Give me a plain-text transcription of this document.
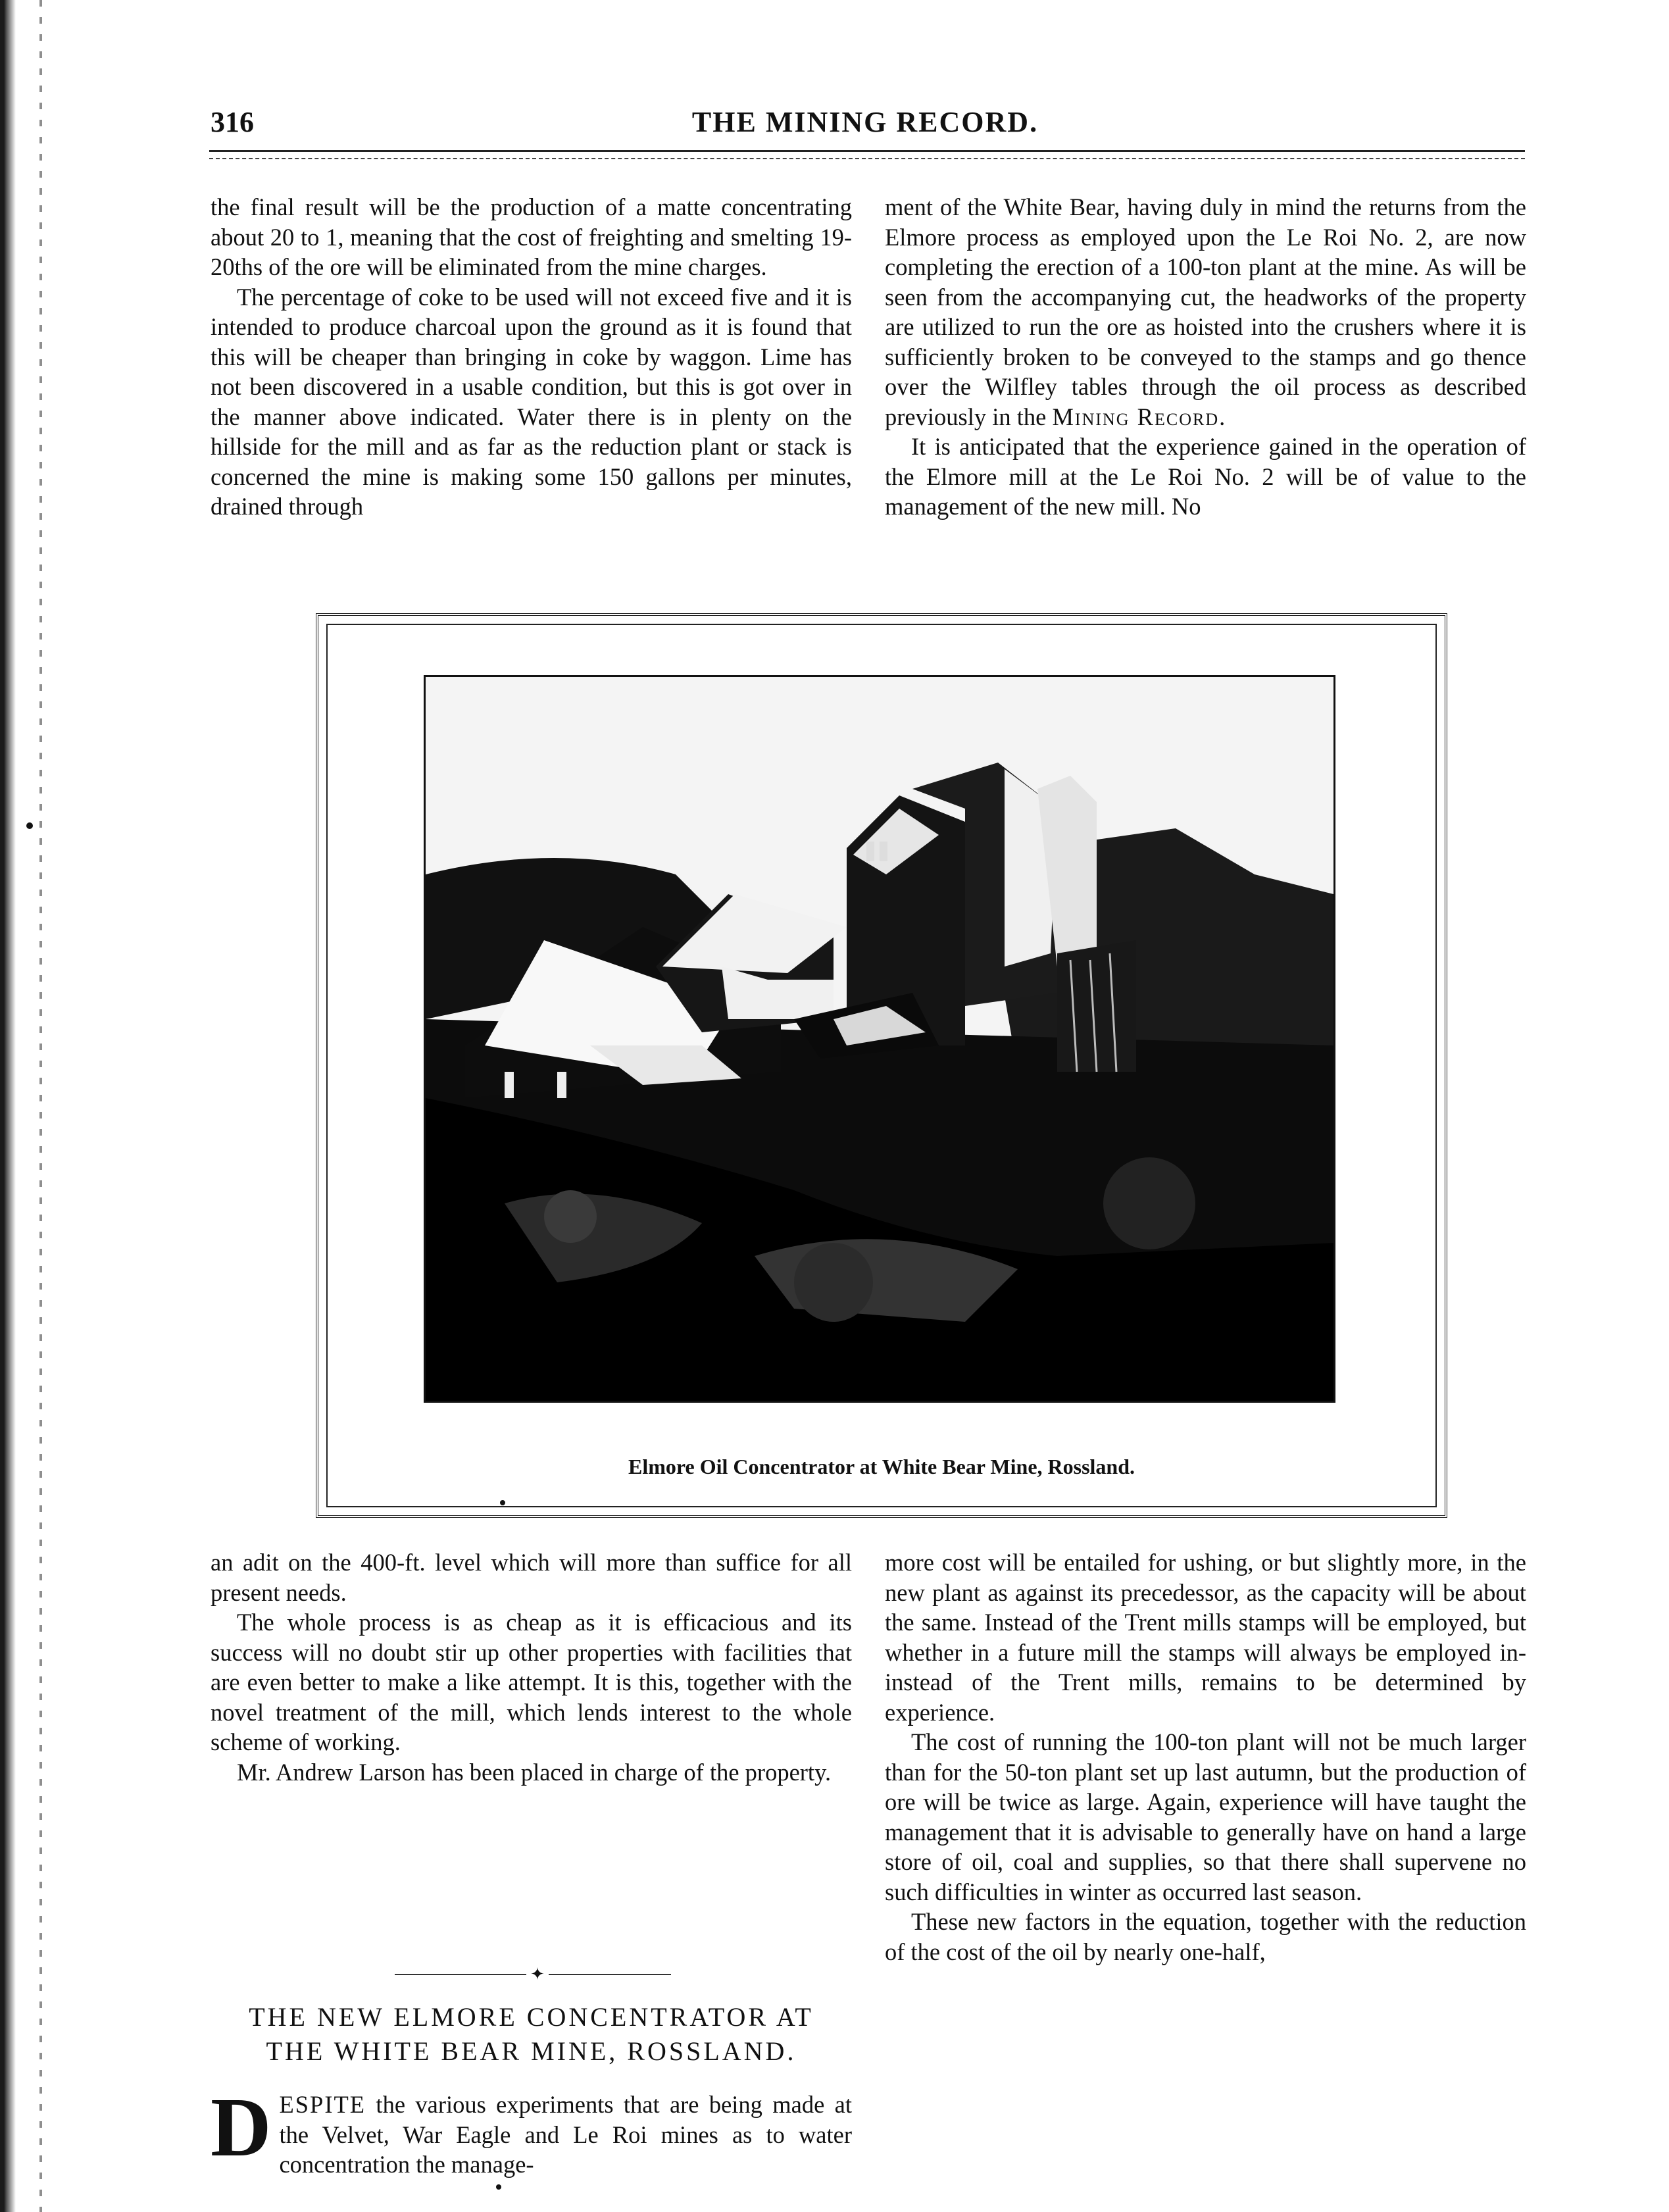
316	THE MINING RECORD.

the final result will be the production of a matte concentrating about 20 to 1, meaning that the cost of freighting and smelting 19-20ths of the ore will be eliminated from the mine charges.

The percentage of coke to be used will not exceed five and it is intended to produce charcoal upon the ground as it is found that this will be cheaper than bringing in coke by waggon. Lime has not been discovered in a usable condition, but this is got over in the manner above indicated. Water there is in plenty on the hillside for the mill and as far as the reduction plant or stack is concerned the mine is making some 150 gallons per minutes, drained through

ment of the White Bear, having duly in mind the returns from the Elmore process as employed upon the Le Roi No. 2, are now completing the erection of a 100-ton plant at the mine. As will be seen from the accompanying cut, the headworks of the property are utilized to run the ore as hoisted into the crushers where it is sufficiently broken to be conveyed to the stamps and go thence over the Wilfley tables through the oil process as described previously in the Mining Record.

It is anticipated that the experience gained in the operation of the Elmore mill at the Le Roi No. 2 will be of value to the management of the new mill. No

Elmore Oil Concentrator at White Bear Mine, Rossland.

an adit on the 400-ft. level which will more than suffice for all present needs.

The whole process is as cheap as it is efficacious and its success will no doubt stir up other properties with facilities that are even better to make a like attempt. It is this, together with the novel treatment of the mill, which lends interest to the whole scheme of working.

Mr. Andrew Larson has been placed in charge of the property.

✦
THE NEW ELMORE CONCENTRATOR AT
THE WHITE BEAR MINE, ROSSLAND.
DESPITE the various experiments that are being made at the Velvet, War Eagle and Le Roi mines as to water concentration the manage-

more cost will be entailed for ushing, or but slightly more, in the new plant as against its precedessor, as the capacity will be about the same. Instead of the Trent mills stamps will be employed, but whether in a future mill the stamps will always be employed in-instead of the Trent mills, remains to be determined by experience.

The cost of running the 100-ton plant will not be much larger than for the 50-ton plant set up last autumn, but the production of ore will be twice as large. Again, experience will have taught the management that it is advisable to generally have on hand a large store of oil, coal and supplies, so that there shall supervene no such difficulties in winter as occurred last season.

These new factors in the equation, together with the reduction of the cost of the oil by nearly one-half,
